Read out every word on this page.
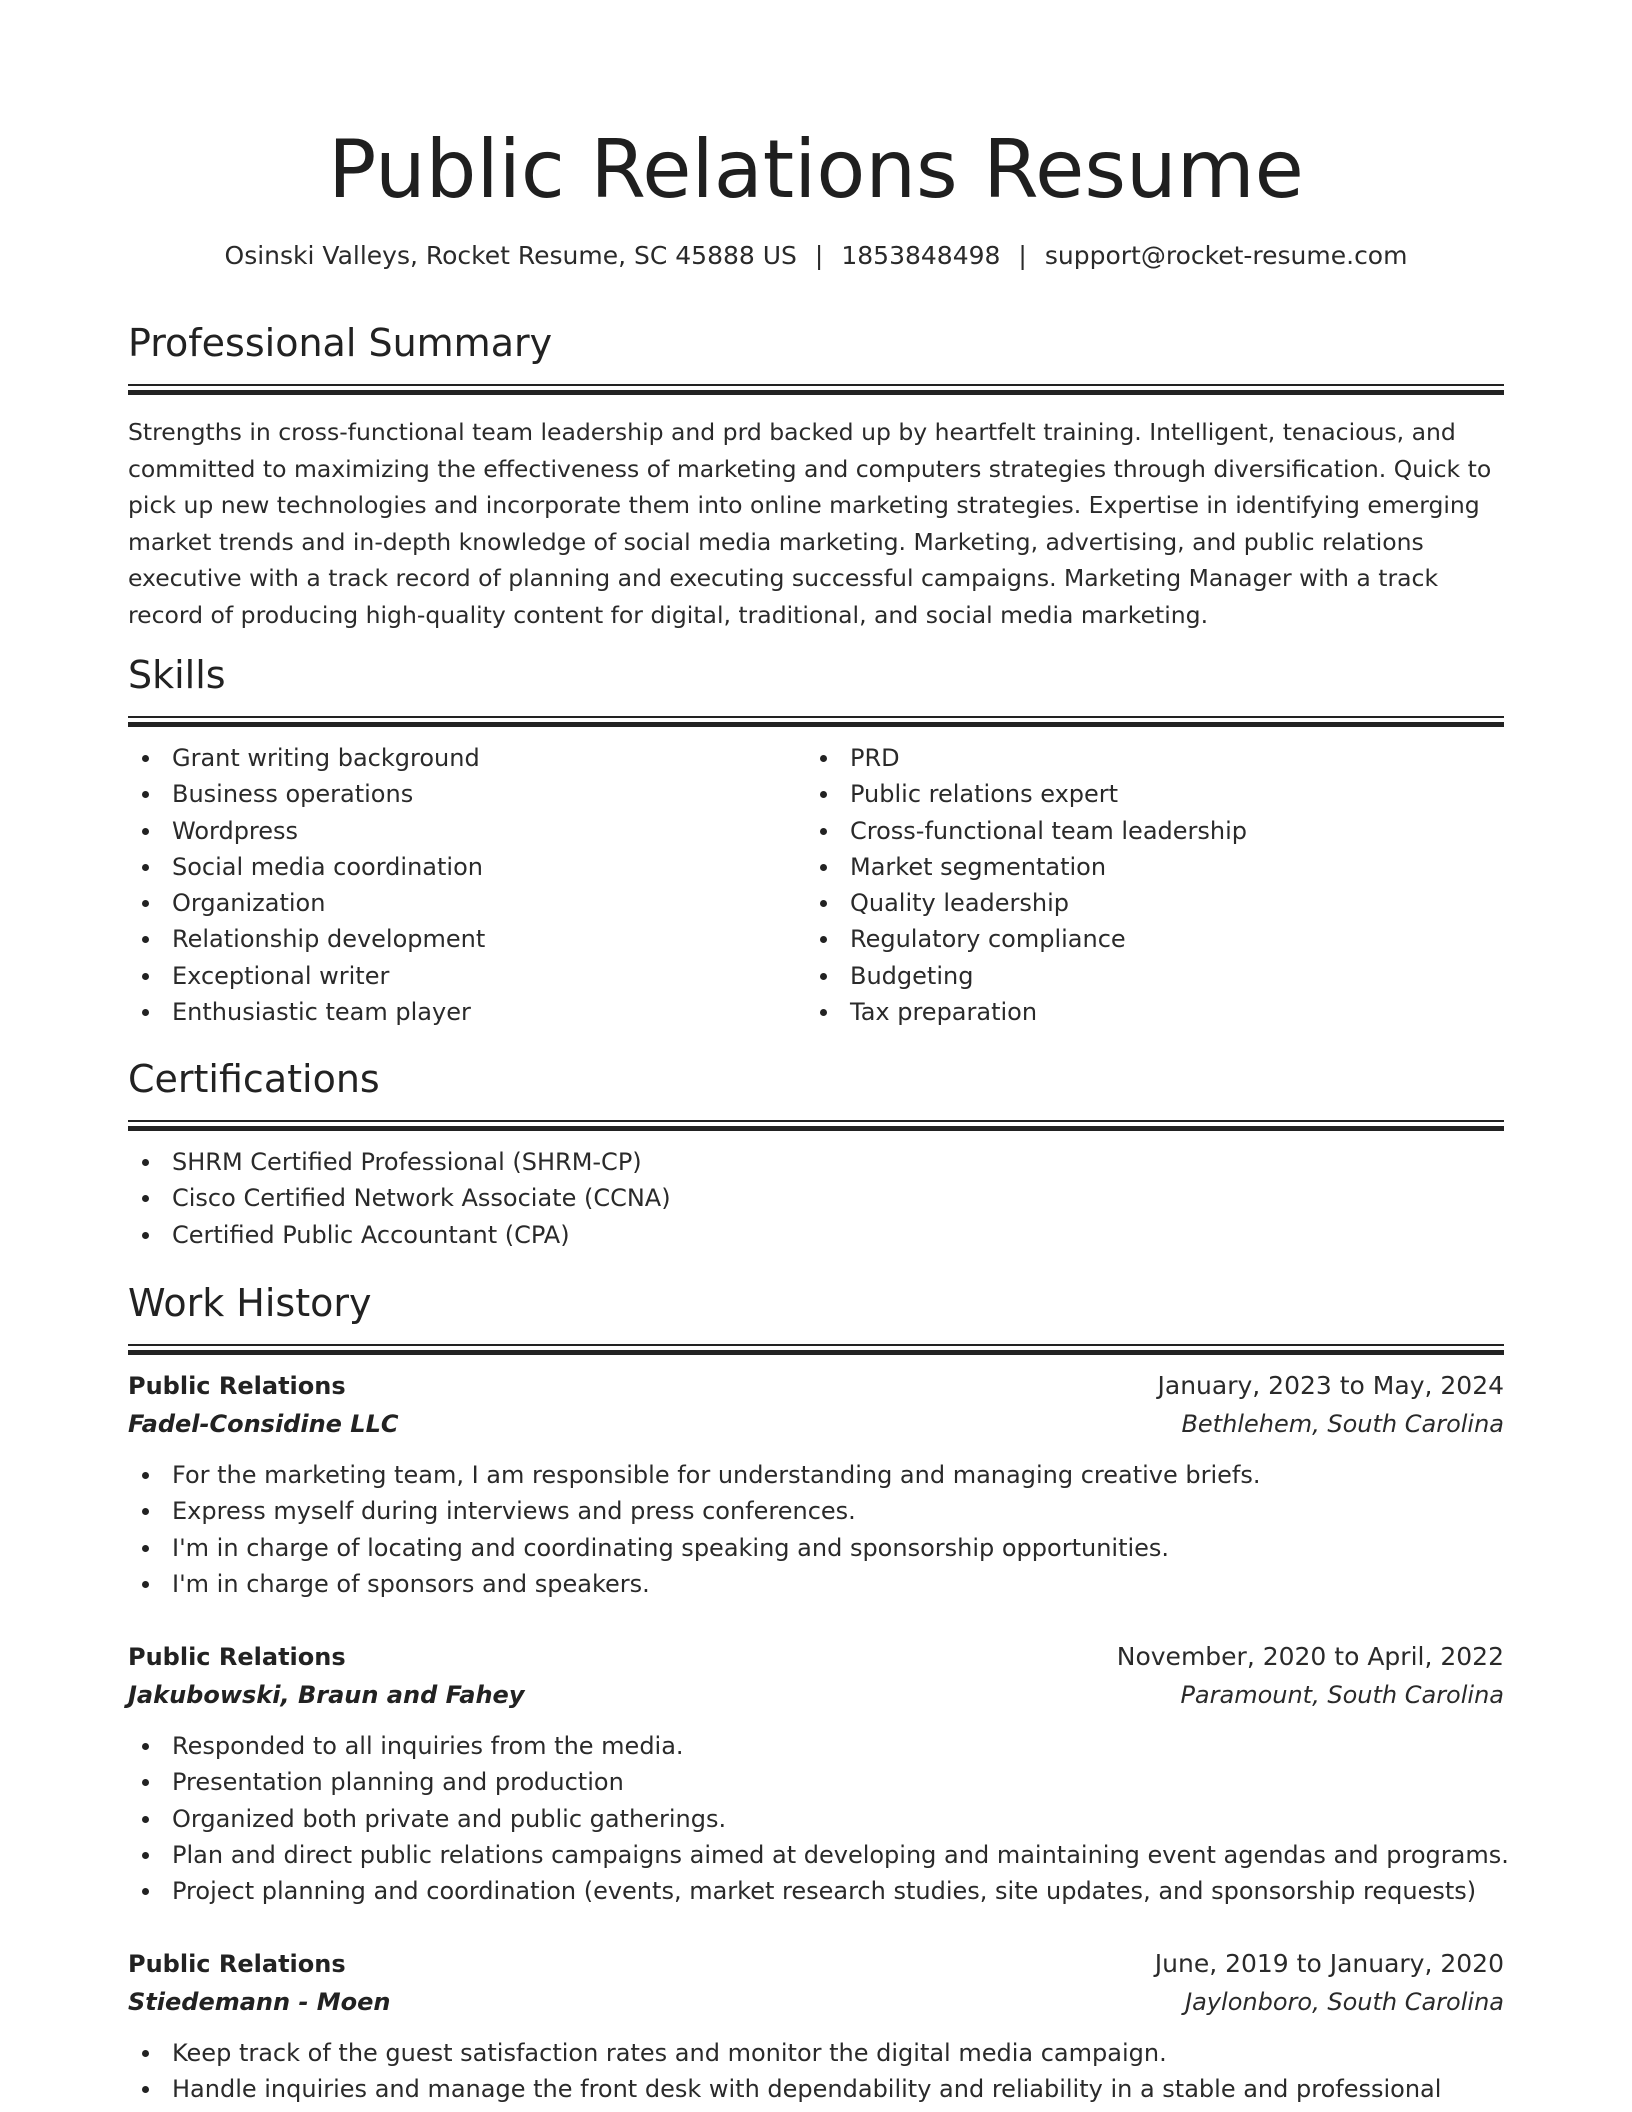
Public Relations Resume
Osinski Valleys, Rocket Resume, SC 45888 US | 1853848498 | support@rocket-resume.com
Professional Summary

Strengths in cross-functional team leadership and prd backed up by heartfelt training. Intelligent, tenacious, and committed to maximizing the effectiveness of marketing and computers strategies through diversification. Quick to pick up new technologies and incorporate them into online marketing strategies. Expertise in identifying emerging market trends and in-depth knowledge of social media marketing. Marketing, advertising, and public relations executive with a track record of planning and executing successful campaigns. Marketing Manager with a track record of producing high-quality content for digital, traditional, and social media marketing.

Skills
Grant writing background
Business operations
Wordpress
Social media coordination
Organization
Relationship development
Exceptional writer
Enthusiastic team player
PRD
Public relations expert
Cross-functional team leadership
Market segmentation
Quality leadership
Regulatory compliance
Budgeting
Tax preparation
Certifications
SHRM Certified Professional (SHRM-CP)
Cisco Certified Network Associate (CCNA)
Certified Public Accountant (CPA)
Work History
Public Relations	January, 2023 to May, 2024
Fadel-Considine LLC	Bethlehem, South Carolina
For the marketing team, I am responsible for understanding and managing creative briefs.
Express myself during interviews and press conferences.
I'm in charge of locating and coordinating speaking and sponsorship opportunities.
I'm in charge of sponsors and speakers.
Public Relations	November, 2020 to April, 2022
Jakubowski, Braun and Fahey	Paramount, South Carolina
Responded to all inquiries from the media.
Presentation planning and production
Organized both private and public gatherings.
Plan and direct public relations campaigns aimed at developing and maintaining event agendas and programs.
Project planning and coordination (events, market research studies, site updates, and sponsorship requests)
Public Relations	June, 2019 to January, 2020
Stiedemann - Moen	Jaylonboro, South Carolina
Keep track of the guest satisfaction rates and monitor the digital media campaign.
Handle inquiries and manage the front desk with dependability and reliability in a stable and professional
